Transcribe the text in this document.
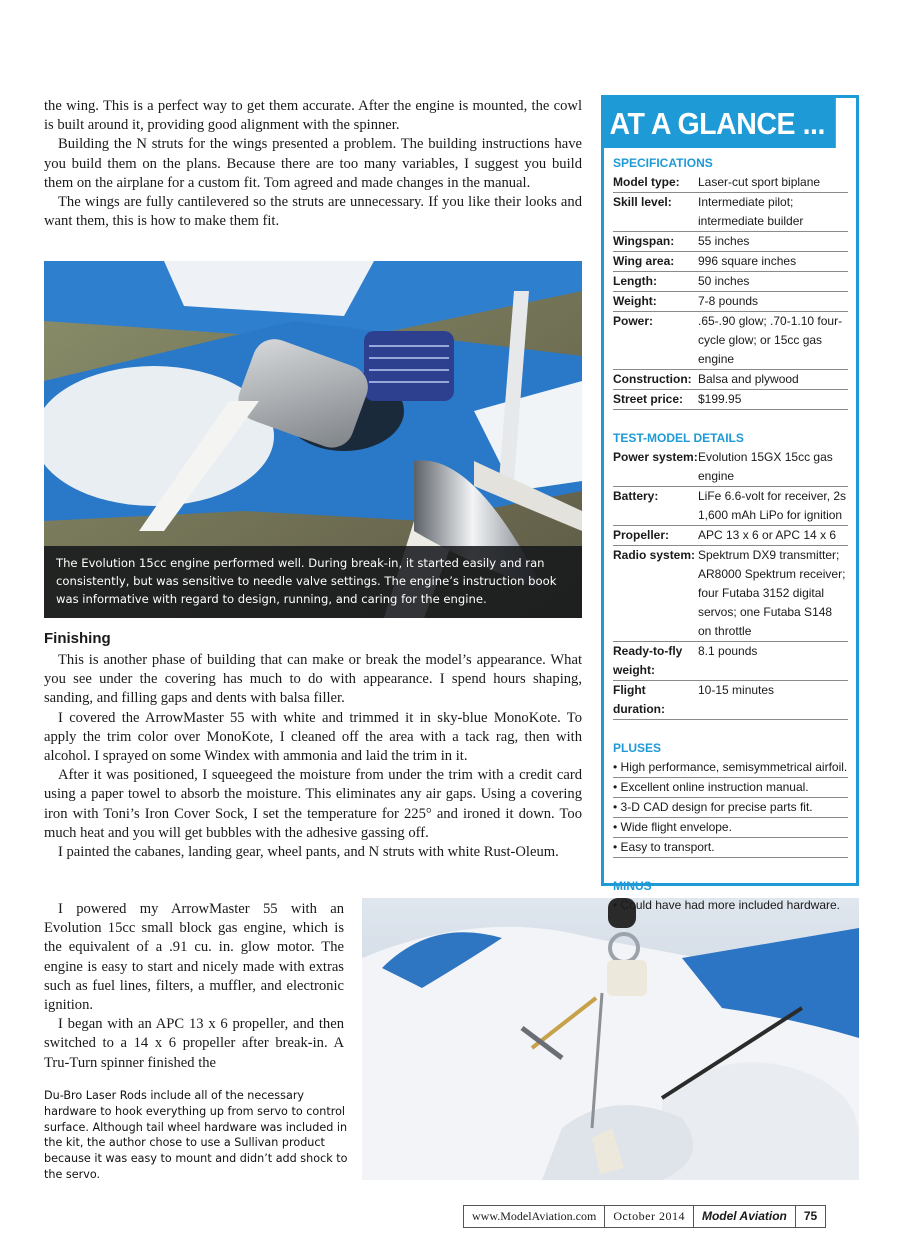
the wing. This is a perfect way to get them accurate. After the engine is mounted, the cowl is built around it, providing good alignment with the spinner.

Building the N struts for the wings presented a problem. The building instructions have you build them on the plans. Because there are too many variables, I suggest you build them on the airplane for a custom fit. Tom agreed and made changes in the manual.

The wings are fully cantilevered so the struts are unnecessary. If you like their looks and want them, this is how to make them fit.

The Evolution 15cc engine performed well. During break-in, it started easily and ran consistently, but was sensitive to needle valve settings. The engine’s instruction book was informative with regard to design, running, and caring for the engine.
Finishing

This is another phase of building that can make or break the model’s appearance. What you see under the covering has much to do with appearance. I spend hours shaping, sanding, and filling gaps and dents with balsa filler.

I covered the ArrowMaster 55 with white and trimmed it in sky-blue MonoKote. To apply the trim color over MonoKote, I cleaned off the area with a tack rag, then with alcohol. I sprayed on some Windex with ammonia and laid the trim in it.

After it was positioned, I squeegeed the moisture from under the trim with a credit card using a paper towel to absorb the moisture. This eliminates any air gaps. Using a covering iron with Toni’s Iron Cover Sock, I set the temperature for 225° and ironed it down. Too much heat and you will get bubbles with the adhesive gassing off.

I painted the cabanes, landing gear, wheel pants, and N struts with white Rust-Oleum.

I powered my ArrowMaster 55 with an Evolution 15cc small block gas engine, which is the equivalent of a .91 cu. in. glow motor. The engine is easy to start and nicely made with extras such as fuel lines, filters, a muffler, and electronic ignition.

I began with an APC 13 x 6 propeller, and then switched to a 14 x 6 propeller after break-in. A Tru-Turn spinner finished the

Du-Bro Laser Rods include all of the necessary hardware to hook everything up from servo to control surface. Although tail wheel hardware was included in the kit, the author chose to use a Sullivan product because it was easy to mount and didn’t add shock to the servo.

AT A GLANCE ...

SPECIFICATIONS

Model type:	Laser-cut sport biplane
Skill level:	Intermediate pilot; intermediate builder
Wingspan:	55 inches
Wing area:	996 square inches
Length:	50 inches
Weight:	7-8 pounds
Power:	.65-.90 glow; .70-1.10 four-cycle glow; or 15cc gas engine
Construction: Balsa and plywood
Street price:	$199.95

TEST-MODEL DETAILS

Power system: Evolution 15GX 15cc gas engine
Battery:	LiFe 6.6-volt for receiver, 2s 1,600 mAh LiPo for ignition
Propeller:	APC 13 x 6 or APC 14 x 6
Radio system: Spektrum DX9 transmitter; AR8000 Spektrum receiver; four Futaba 3152 digital servos; one Futaba S148 on throttle
Ready-to-fly weight:
8.1 pounds
Flight duration:
10-15 minutes

PLUSES

• High performance, semisymmetrical airfoil.
• Excellent online instruction manual.
• 3-D CAD design for precise parts fit.
• Wide flight envelope.
• Easy to transport.

MINUS

• Could have had more included hardware.
www.ModelAviation.com	October 2014	Model Aviation	75
